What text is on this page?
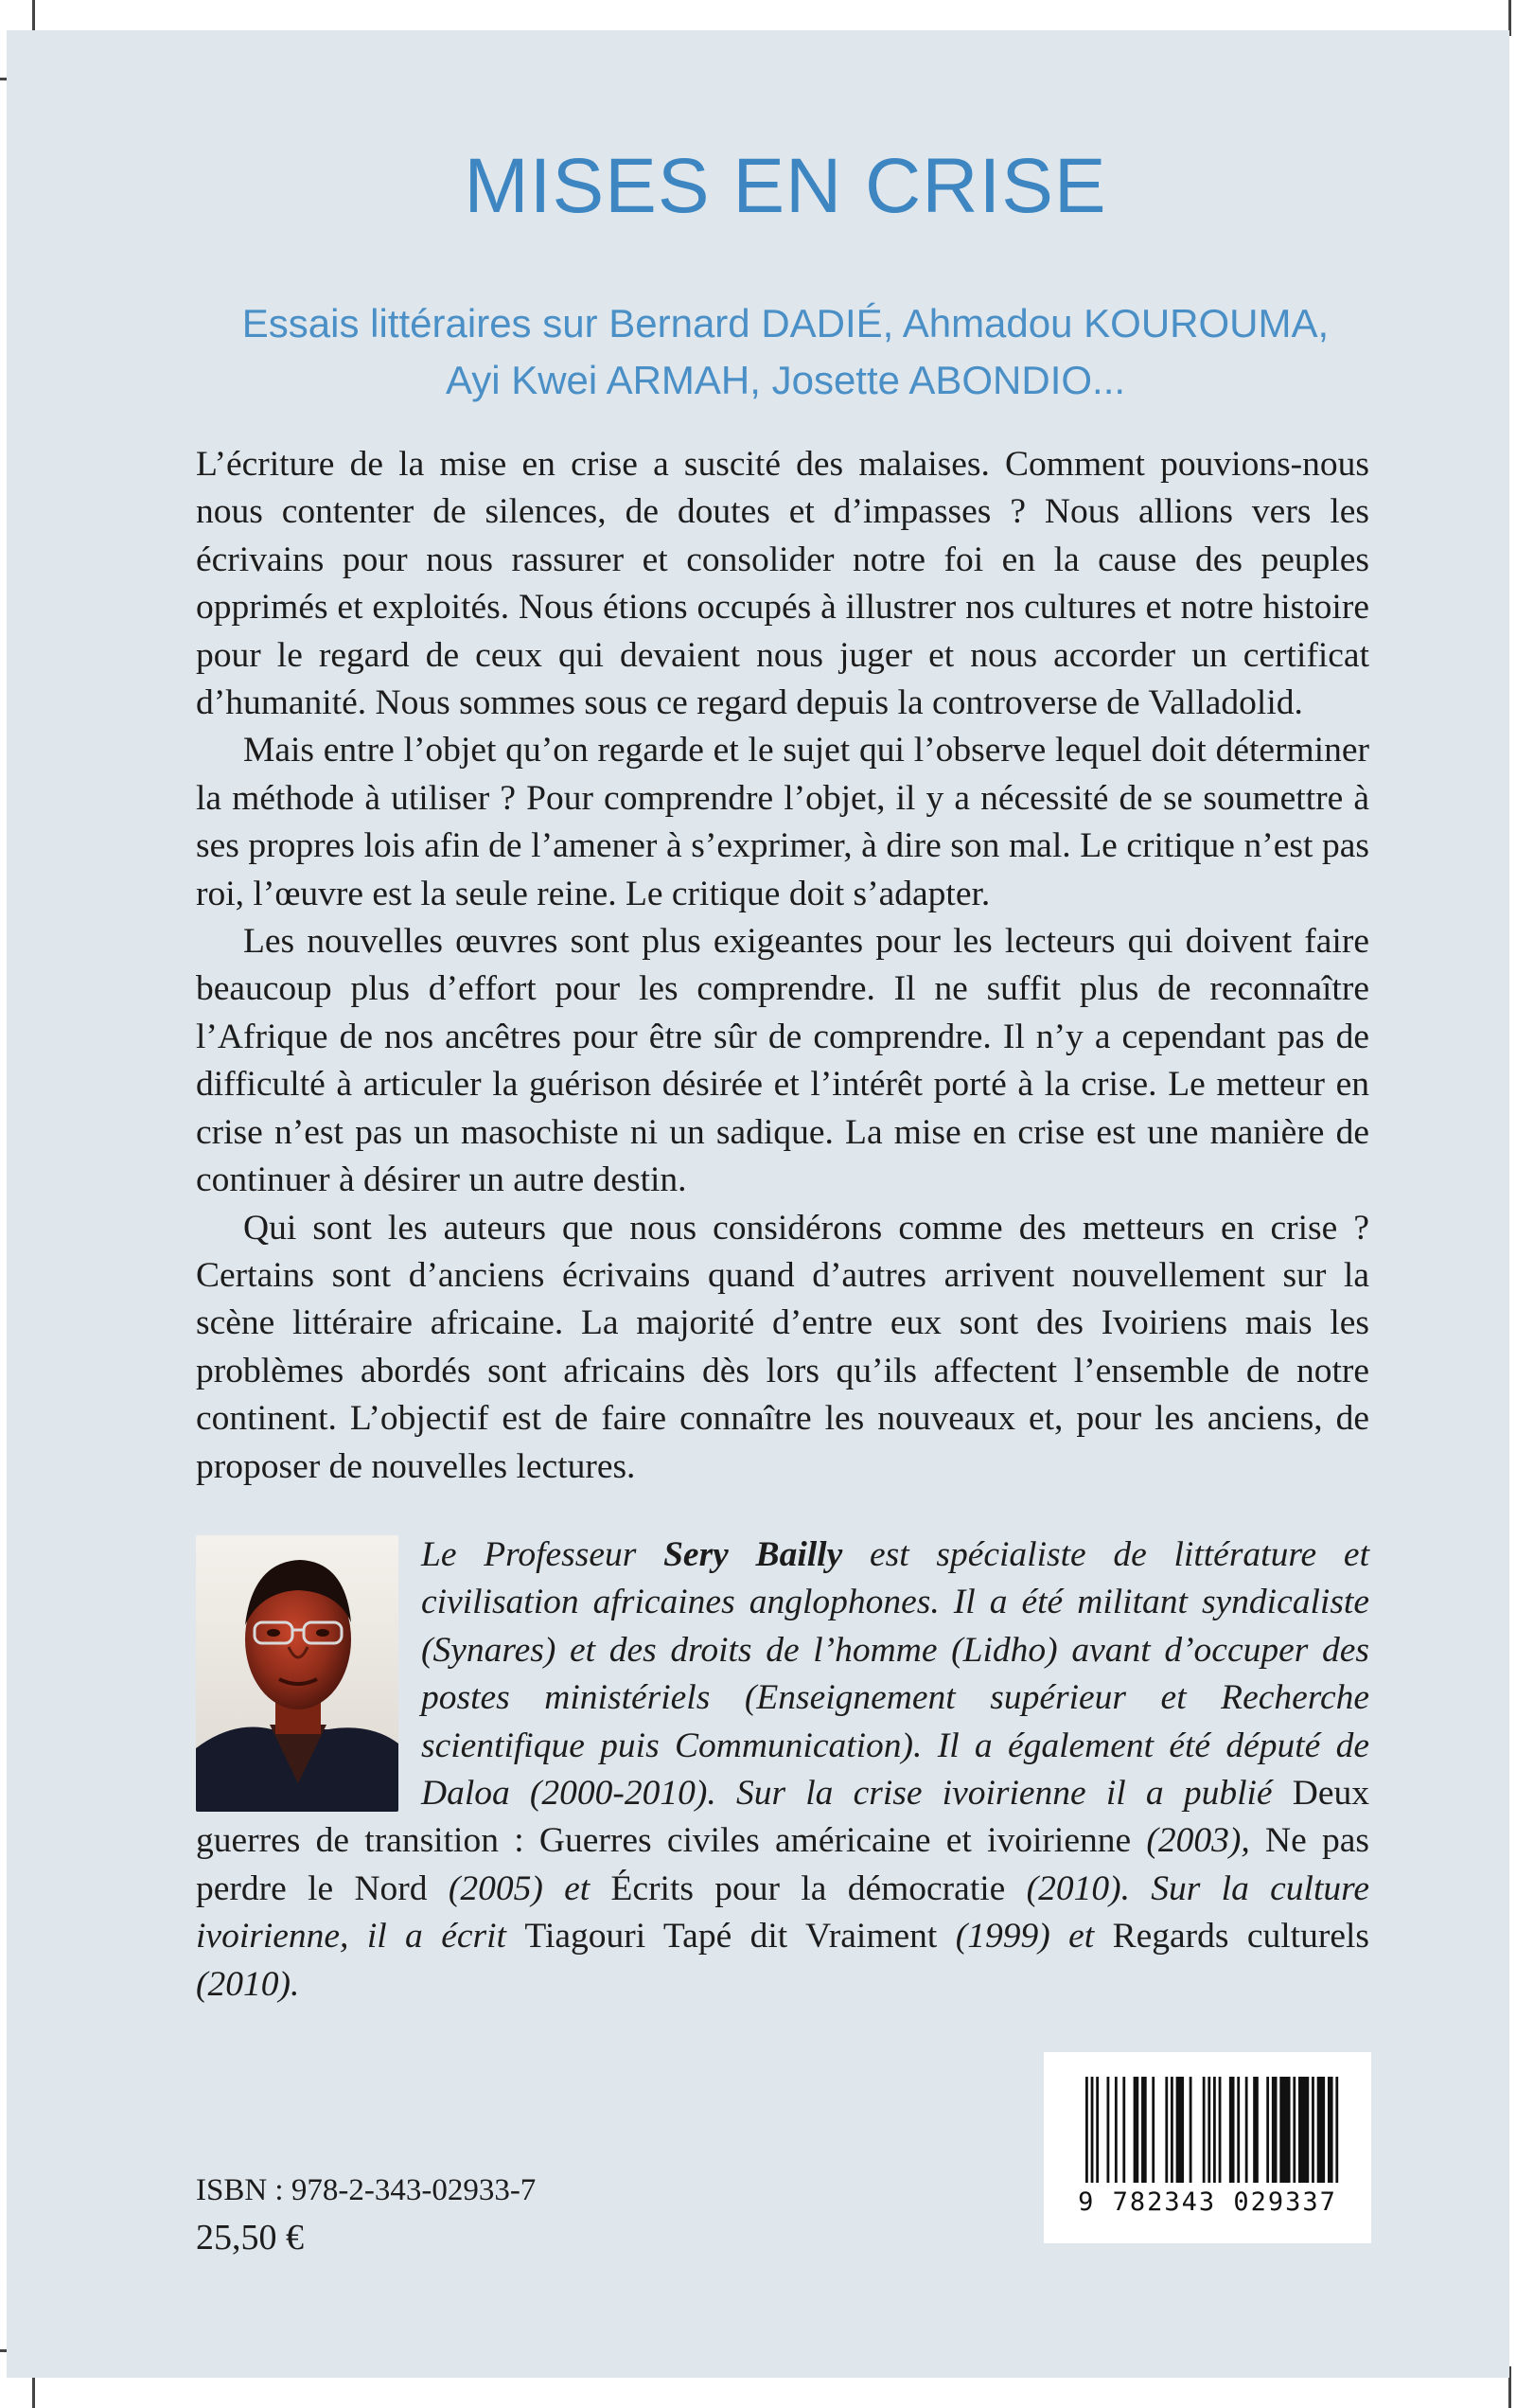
MISES EN CRISE
Essais littéraires sur Bernard DADIÉ, Ahmadou KOUROUMA,
Ayi Kwei ARMAH, Josette ABONDIO...

L’écriture de la mise en crise a suscité des malaises. Comment pouvions-nous nous contenter de silences, de doutes et d’impasses ? Nous allions vers les écrivains pour nous rassurer et consolider notre foi en la cause des peuples opprimés et exploités. Nous étions occupés à illustrer nos cultures et notre histoire pour le regard de ceux qui devaient nous juger et nous accorder un certificat d’humanité. Nous sommes sous ce regard depuis la controverse de Valladolid.

Mais entre l’objet qu’on regarde et le sujet qui l’observe lequel doit déterminer la méthode à utiliser ? Pour comprendre l’objet, il y a nécessité de se soumettre à ses propres lois afin de l’amener à s’exprimer, à dire son mal. Le critique n’est pas roi, l’œuvre est la seule reine. Le critique doit s’adapter.

Les nouvelles œuvres sont plus exigeantes pour les lecteurs qui doivent faire beaucoup plus d’effort pour les comprendre. Il ne suffit plus de reconnaître l’Afrique de nos ancêtres pour être sûr de comprendre. Il n’y a cependant pas de difficulté à articuler la guérison désirée et l’intérêt porté à la crise. Le metteur en crise n’est pas un masochiste ni un sadique. La mise en crise est une manière de continuer à désirer un autre destin.

Qui sont les auteurs que nous considérons comme des metteurs en crise ? Certains sont d’anciens écrivains quand d’autres arrivent nouvellement sur la scène littéraire africaine. La majorité d’entre eux sont des Ivoiriens mais les problèmes abordés sont africains dès lors qu’ils affectent l’ensemble de notre continent. L’objectif est de faire connaître les nouveaux et, pour les anciens, de proposer de nouvelles lectures.

Le Professeur Sery Bailly est spécialiste de littérature et civilisation africaines anglophones. Il a été militant syndicaliste (Synares) et des droits de l’homme (Lidho) avant d’occuper des postes ministériels (Enseignement supérieur et Recherche scientifique puis Communication). Il a également été député de Daloa (2000-2010). Sur la crise ivoirienne il a publié Deux guerres de transition : Guerres civiles américaine et ivoirienne (2003), Ne pas perdre le Nord (2005) et Écrits pour la démocratie (2010). Sur la culture ivoirienne, il a écrit Tiagouri Tapé dit Vraiment (1999) et Regards culturels (2010).

ISBN : 978-2-343-02933-7
25,50 €
9 782343 029337
